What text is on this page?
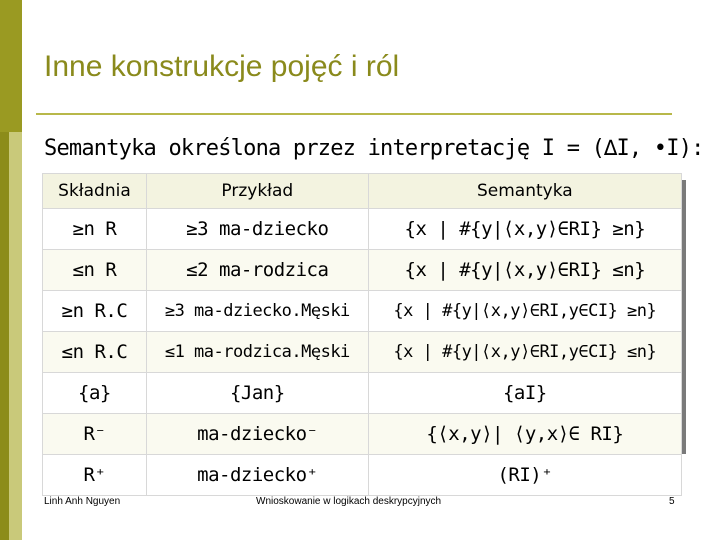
Inne konstrukcje pojęć i ról
Semantyka określona przez interpretację I = (∆I, •I):
Składnia	Przykład	Semantyka
≥n R	≥3 ma-dziecko	{x | #{y|⟨x,y⟩∈RI} ≥n}
≤n R	≤2 ma-rodzica	{x | #{y|⟨x,y⟩∈RI} ≤n}
≥n R.C	≥3 ma-dziecko.Męski	{x | #{y|⟨x,y⟩∈RI,y∈CI} ≥n}
≤n R.C	≤1 ma-rodzica.Męski	{x | #{y|⟨x,y⟩∈RI,y∈CI} ≤n}
{a}	{Jan}	{aI}
R⁻	ma-dziecko⁻	{⟨x,y⟩| ⟨y,x⟩∈ RI}
R⁺	ma-dziecko⁺	(RI)⁺
Linh Anh Nguyen	Wnioskowanie w logikach deskrypcyjnych	5
